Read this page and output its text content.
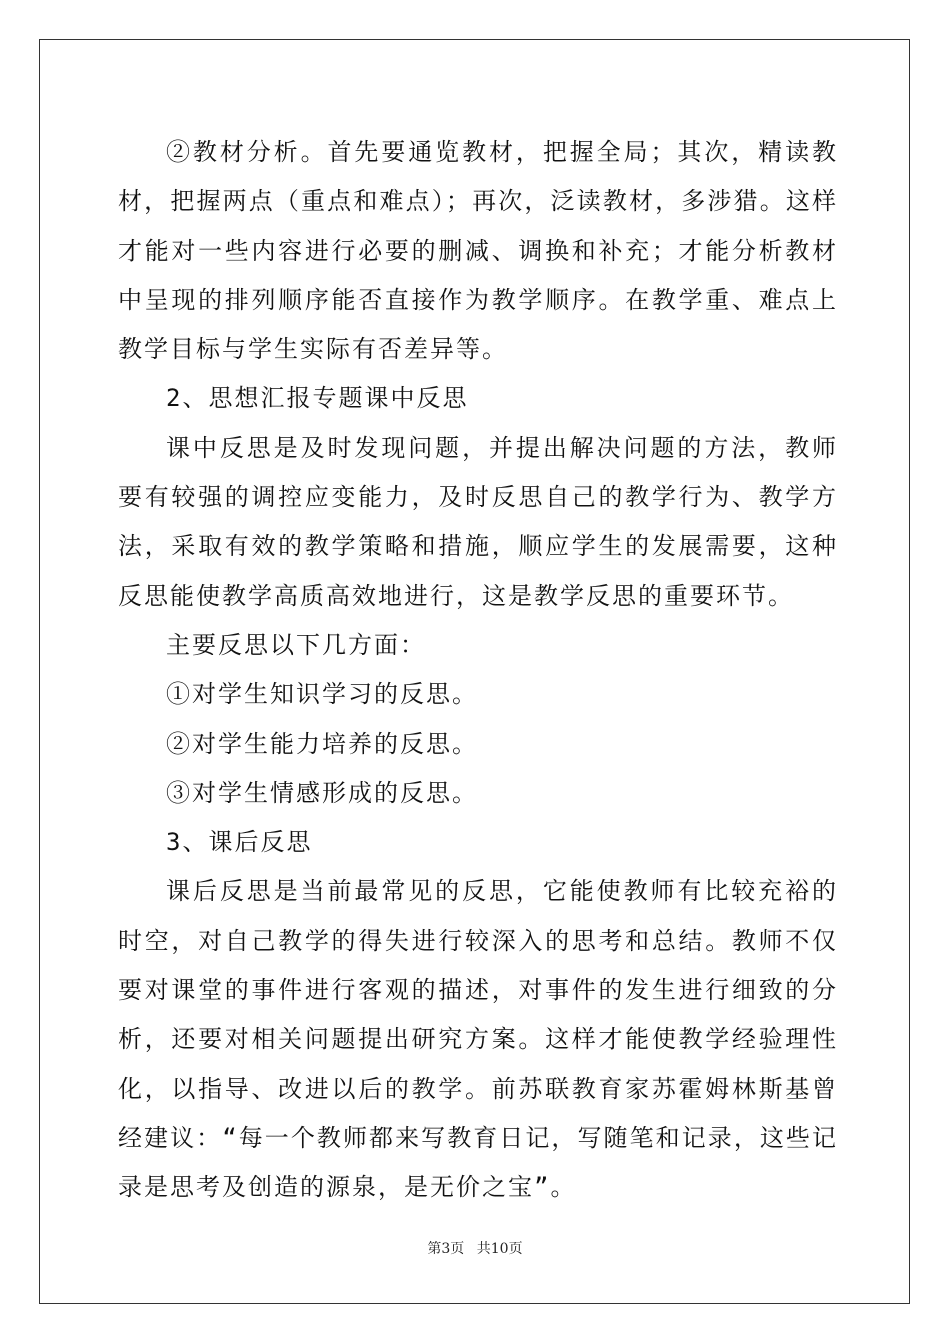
②教材分析。首先要通览教材，把握全局；其次，精读教材，把握两点（重点和难点）；再次，泛读教材，多涉猎。这样才能对一些内容进行必要的删减、调换和补充；才能分析教材中呈现的排列顺序能否直接作为教学顺序。在教学重、难点上教学目标与学生实际有否差异等。

2、思想汇报专题课中反思

课中反思是及时发现问题，并提出解决问题的方法，教师要有较强的调控应变能力，及时反思自己的教学行为、教学方法，采取有效的教学策略和措施，顺应学生的发展需要，这种反思能使教学高质高效地进行，这是教学反思的重要环节。

主要反思以下几方面：

①对学生知识学习的反思。

②对学生能力培养的反思。

③对学生情感形成的反思。

3、课后反思

课后反思是当前最常见的反思，它能使教师有比较充裕的时空，对自己教学的得失进行较深入的思考和总结。教师不仅要对课堂的事件进行客观的描述，对事件的发生进行细致的分析，还要对相关问题提出研究方案。这样才能使教学经验理性化，以指导、改进以后的教学。前苏联教育家苏霍姆林斯基曾经建议：“每一个教师都来写教育日记，写随笔和记录，这些记录是思考及创造的源泉，是无价之宝”。

第3页 共10页
